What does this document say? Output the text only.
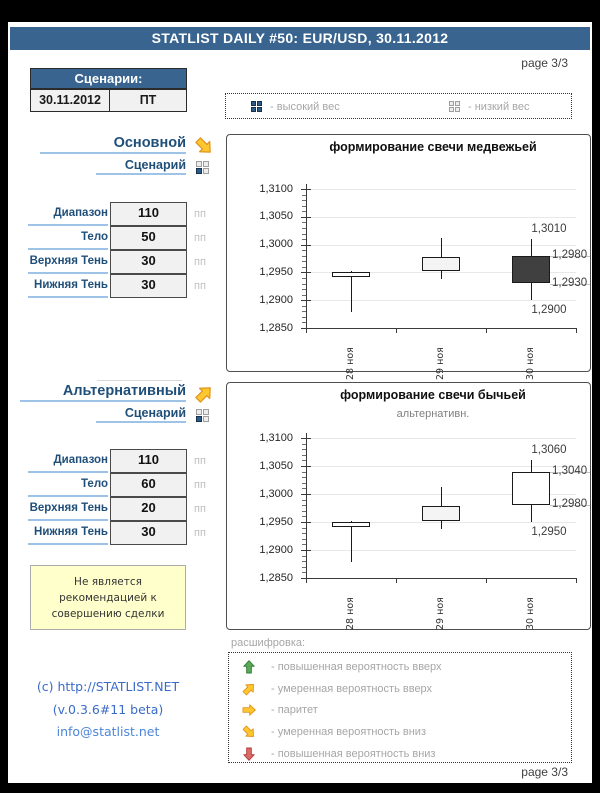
STATLIST DAILY #50: EUR/USD, 30.11.2012
page 3/3
Сценарии:
30.11.2012	ПТ	- высокий вес	- низкий вес
Основной
Сценарий
Диапазон	110	пп
Тело	50	пп
Верхняя Тень	30	пп
Нижняя Тень	30	пп
формирование свечи медвежьей
1,3100
1,3050
1,3000
1,2950
1,2900
1,2850
28 ноя	29 ноя	30 ноя
1,3010
1,2980
1,2930
1,2900
Альтернативный
Сценарий
Диапазон	110	пп
Тело	60	пп
Верхняя Тень	20	пп
Нижняя Тень	30	пп
формирование свечи бычьей
альтернативн.
1,3100
1,3050
1,3000
1,2950
1,2900
1,2850
28 ноя	29 ноя	30 ноя
1,3060
1,3040
1,2980
1,2950
Не является
рекомендацией к
совершению сделки
(c) http://STATLIST.NET
(v.0.3.6#11 beta)
info@statlist.net
расшифровка:
- повышенная вероятность вверх
- умеренная вероятность вверх
- паритет
- умеренная вероятность вниз
- повышенная вероятность вниз
page 3/3
